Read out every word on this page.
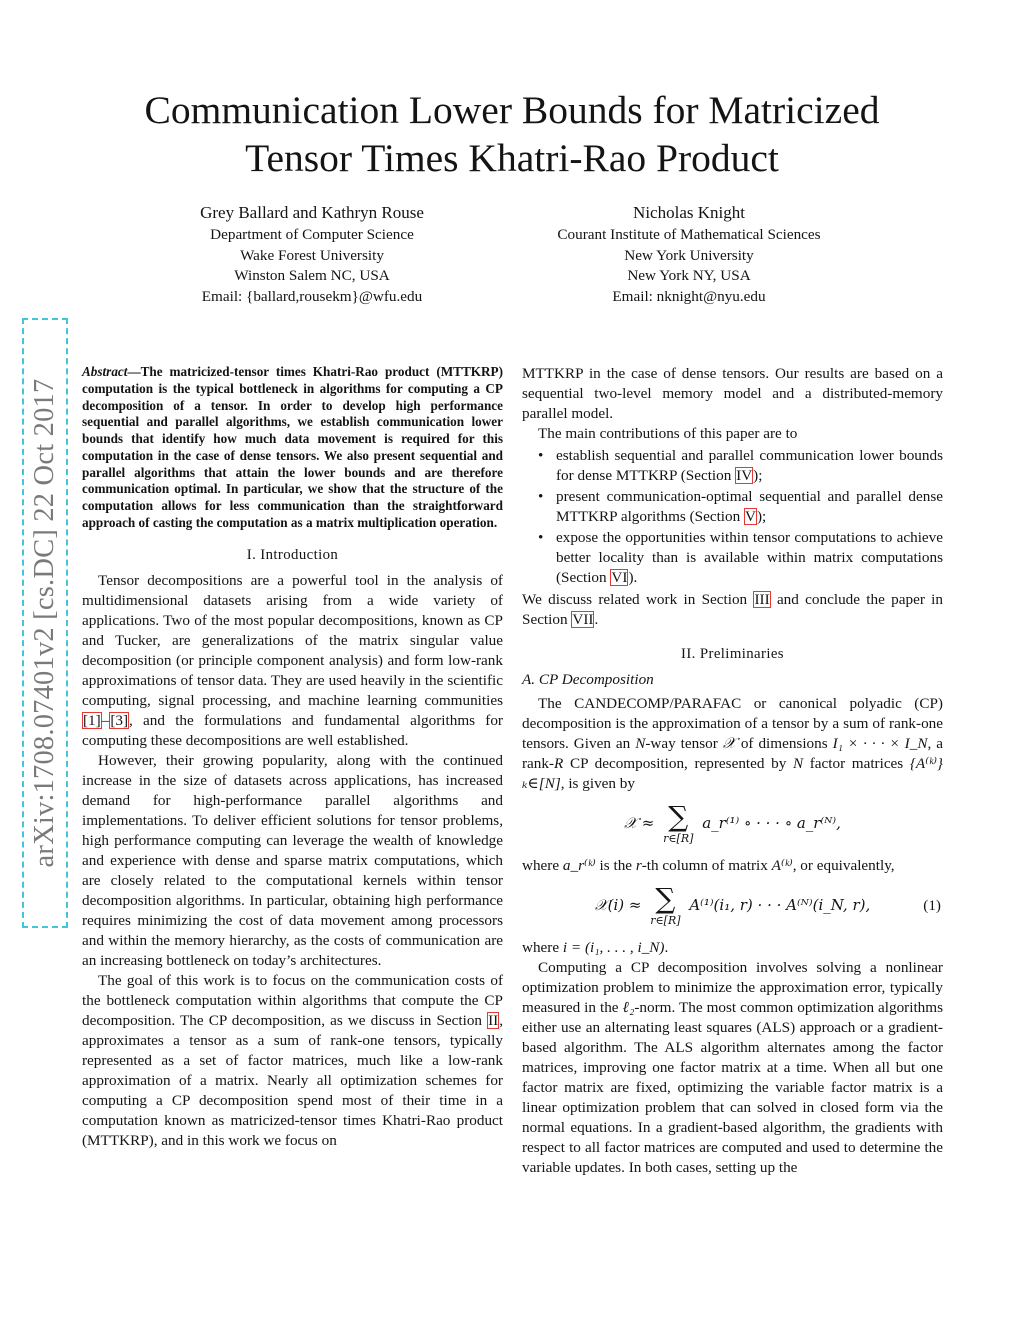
arXiv:1708.07401v2 [cs.DC] 22 Oct 2017
Communication Lower Bounds for Matricized
Tensor Times Khatri-Rao Product
Grey Ballard and Kathryn Rouse
Department of Computer Science
Wake Forest University
Winston Salem NC, USA
Email: {ballard,rousekm}@wfu.edu
Nicholas Knight
Courant Institute of Mathematical Sciences
New York University
New York NY, USA
Email: nknight@nyu.edu

Abstract—The matricized-tensor times Khatri-Rao product (MTTKRP) computation is the typical bottleneck in algorithms for computing a CP decomposition of a tensor. In order to develop high performance sequential and parallel algorithms, we establish communication lower bounds that identify how much data movement is required for this computation in the case of dense tensors. We also present sequential and parallel algorithms that attain the lower bounds and are therefore communication optimal. In particular, we show that the structure of the computation allows for less communication than the straightforward approach of casting the computation as a matrix multiplication operation.

I. Introduction

Tensor decompositions are a powerful tool in the analysis of multidimensional datasets arising from a wide variety of applications. Two of the most popular decompositions, known as CP and Tucker, are generalizations of the matrix singular value decomposition (or principle component analysis) and form low-rank approximations of tensor data. They are used heavily in the scientific computing, signal processing, and machine learning communities [1]–[3], and the formulations and fundamental algorithms for computing these decompositions are well established.

However, their growing popularity, along with the continued increase in the size of datasets across applications, has increased demand for high-performance parallel algorithms and implementations. To deliver efficient solutions for tensor problems, high performance computing can leverage the wealth of knowledge and experience with dense and sparse matrix computations, which are closely related to the computational kernels within tensor decomposition algorithms. In particular, obtaining high performance requires minimizing the cost of data movement among processors and within the memory hierarchy, as the costs of communication are an increasing bottleneck on today’s architectures.

The goal of this work is to focus on the communication costs of the bottleneck computation within algorithms that compute the CP decomposition. The CP decomposition, as we discuss in Section II, approximates a tensor as a sum of rank-one tensors, typically represented as a set of factor matrices, much like a low-rank approximation of a matrix. Nearly all optimization schemes for computing a CP decomposition spend most of their time in a computation known as matricized-tensor times Khatri-Rao product (MTTKRP), and in this work we focus on

MTTKRP in the case of dense tensors. Our results are based on a sequential two-level memory model and a distributed-memory parallel model.

The main contributions of this paper are to

• establish sequential and parallel communication lower bounds for dense MTTKRP (Section IV);
• present communication-optimal sequential and parallel dense MTTKRP algorithms (Section V);
• expose the opportunities within tensor computations to achieve better locality than is available within matrix computations (Section VI).

We discuss related work in Section III and conclude the paper in Section VII.

II. Preliminaries
A. CP Decomposition

The CANDECOMP/PARAFAC or canonical polyadic (CP) decomposition is the approximation of a tensor by a sum of rank-one tensors. Given an N-way tensor 𝒳 of dimensions I₁ × · · · × I_N, a rank-R CP decomposition, represented by N factor matrices {A⁽ᵏ⁾}ₖ∈[N], is given by

𝒳 ≈ ∑
r∈[R]
a_r⁽¹⁾ ∘ · · · ∘ a_r⁽ᴺ⁾,

where a_r⁽ᵏ⁾ is the r-th column of matrix A⁽ᵏ⁾, or equivalently,

𝒳(i) ≈ ∑
r∈[R]
A⁽¹⁾(i₁, r) · · · A⁽ᴺ⁾(i_N, r),	(1)

where i = (i₁, . . . , i_N).

Computing a CP decomposition involves solving a nonlinear optimization problem to minimize the approximation error, typically measured in the ℓ₂-norm. The most common optimization algorithms either use an alternating least squares (ALS) approach or a gradient-based algorithm. The ALS algorithm alternates among the factor matrices, improving one factor matrix at a time. When all but one factor matrix are fixed, optimizing the variable factor matrix is a linear optimization problem that can solved in closed form via the normal equations. In a gradient-based algorithm, the gradients with respect to all factor matrices are computed and used to determine the variable updates. In both cases, setting up the
